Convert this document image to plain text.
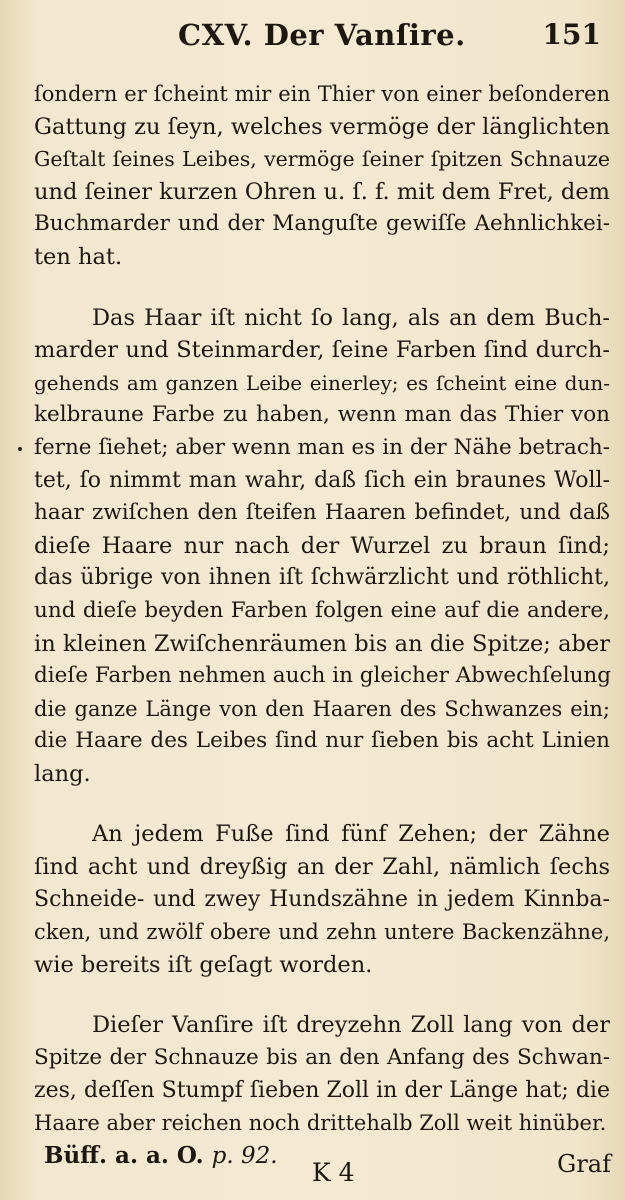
CXV. Der Vanſire.	151
ſondern er ſcheint mir ein Thier von einer beſonderen
Gattung zu ſeyn, welches vermöge der länglichten
Geſtalt ſeines Leibes, vermöge ſeiner ſpitzen Schnauze
und ſeiner kurzen Ohren u. ſ. f. mit dem Fret, dem
Buchmarder und der Manguſte gewiſſe Aehnlichkei-
ten hat.
Das Haar iſt nicht ſo lang, als an dem Buch-
marder und Steinmarder, ſeine Farben ſind durch-
gehends am ganzen Leibe einerley; es ſcheint eine dun-
kelbraune Farbe zu haben, wenn man das Thier von
ferne ſiehet; aber wenn man es in der Nähe betrach-
tet, ſo nimmt man wahr, daß ſich ein braunes Woll-
haar zwiſchen den ſteifen Haaren befindet, und daß
dieſe Haare nur nach der Wurzel zu braun ſind;
das übrige von ihnen iſt ſchwärzlicht und röthlicht,
und dieſe beyden Farben folgen eine auf die andere,
in kleinen Zwiſchenräumen bis an die Spitze; aber
dieſe Farben nehmen auch in gleicher Abwechſelung
die ganze Länge von den Haaren des Schwanzes ein;
die Haare des Leibes ſind nur ſieben bis acht Linien
lang.
An jedem Fuße ſind fünf Zehen; der Zähne
ſind acht und dreyßig an der Zahl, nämlich ſechs
Schneide- und zwey Hundszähne in jedem Kinnba-
cken, und zwölf obere und zehn untere Backenzähne,
wie bereits iſt geſagt worden.
Dieſer Vanſire iſt dreyzehn Zoll lang von der
Spitze der Schnauze bis an den Anfang des Schwan-
zes, deſſen Stumpf ſieben Zoll in der Länge hat; die
Haare aber reichen noch drittehalb Zoll weit hinüber.
Büff. a. a. O. p. 92.
K 4	Graf
